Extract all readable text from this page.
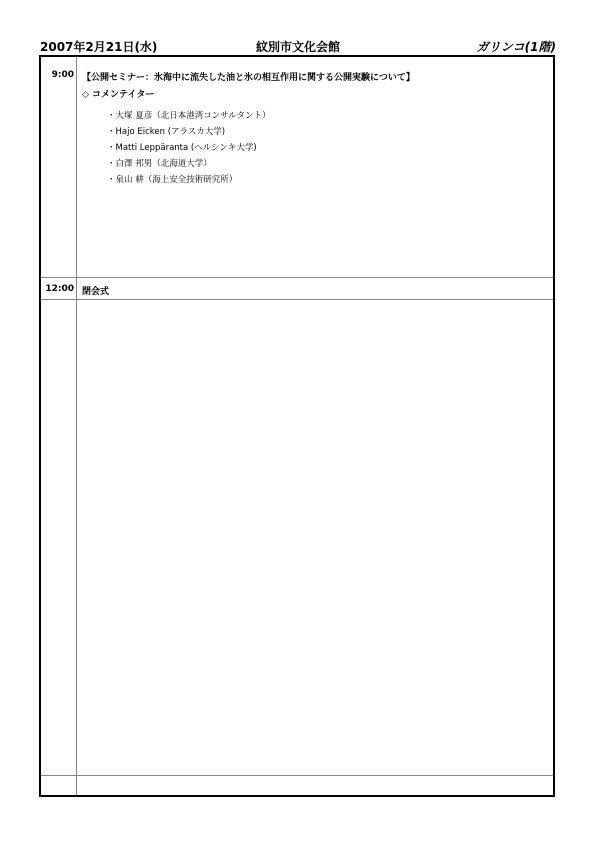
2007年2月21日(水)	紋別市文化会館	ガリンコ(1階)
9:00 【公開セミナー：氷海中に流失した油と氷の相互作用に関する公開実験について】
◇ コメンテイター
・大塚 夏彦（北日本港湾コンサルタント）
・Hajo Eicken (アラスカ大学)
・Matti Leppäranta (ヘルシンキ大学)
・白澤 邦男（北海道大学）
・泉山 耕（海上安全技術研究所）
12:00 閉会式
